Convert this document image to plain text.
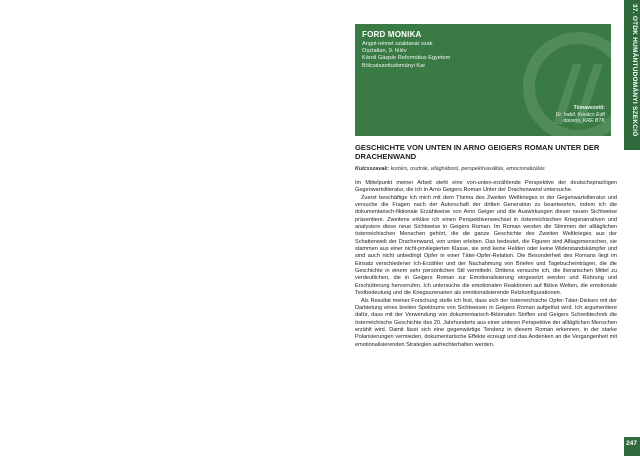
37. OTDK HUMÁNTUDOMÁNYI SZEKCIÓ
FORD MONIKA
Angol-német szaktanár szak
Osztatlan, 9. félév
Károli Gáspár Református Egyetem
Bölcsészettudományi Kar
Témavezető:
Dr. habil. Kovács Edit
docens, KRE BTK
GESCHICHTE VON UNTEN IN ARNO GEIGERS ROMAN UNTER DER DRACHENWAND
Kulcsszavak: kortárs, osztrák, világháború, perspektívaváltás, emocionalizálás

Im Mittelpunkt meiner Arbeit steht eine von-unten-erzählende Perspektive der deutschsprachigen Gegenwartsliteratur, die ich in Arno Geigers Roman Unter der Drachenwand untersuche.

Zuerst beschäftige ich mich mit dem Thema des Zweiten Weltkrieges in der Gegenwartsliteratur und versuche die Fragen nach der Autorschaft der dritten Generation zu beantworten, indem ich die dokumentarisch-fiktionale Erzählweise von Arno Geiger und die Auswirkungen dieser neuen Sichtweise präsentiere. Zweitens erkläre ich einen Perspektivenwechsel in österreichischen Kriegsnarrativen und analysiere diese neue Sichtweise in Geigers Roman. Im Roman werden die Stimmen der alltäglichen österreichischen Menschen gehört, die die ganze Geschichte des Zweiten Weltkrieges aus der Schattenwelt der Drachenwand, von unten erleben. Das bedeutet, die Figuren sind Alltagsmenschen, sie stammen aus einer nicht-privilegierten Klasse, sie sind keine Helden oder keine Widerstandskämpfer und sind auch nicht unbedingt Opfer in einer Täter-Opfer-Relation. Die Besonderheit des Romans liegt im Einsatz verschiedener Ich-Erzähler und der Nachahmung von Briefen und Tagebucheinträgen, die die Geschichte in einem sehr persönlichen Stil vermitteln. Drittens versuche ich, die literarischen Mittel zu verdeutlichen, die in Geigers Roman zur Emotionalisierung eingesetzt werden und Rührung und Erschütterung hervorrufen. Ich untersuche die emotionalen Reaktionen auf fiktive Welten, die emotionale Textbedeutung und die Kriegsszenarien als emotionalisierende Reizkonfigurationen.

Als Resultat meiner Forschung stelle ich fest, dass sich der österreichische Opfer-Täter-Diskurs mit der Darbietung eines breiten Spektrums von Sichtweisen in Geigers Roman aufgelöst wird. Ich argumentiere dafür, dass mit der Verwendung von dokumentarisch-fiktionalen Stoffen und Geigers Schreibtechnik die österreichische Geschichte des 20. Jahrhunderts aus einer unteren Perspektive der alltäglichen Menschen erzählt wird. Damit lässt sich eine gegenwärtige Tendenz in diesem Roman erkennen, in der starke Polarisierungen vermieden, dokumentarische Effekte erzeugt und das Andenken an die Vergangenheit mit emotionalisierenden Strategien aufrechterhalten werden.

247
